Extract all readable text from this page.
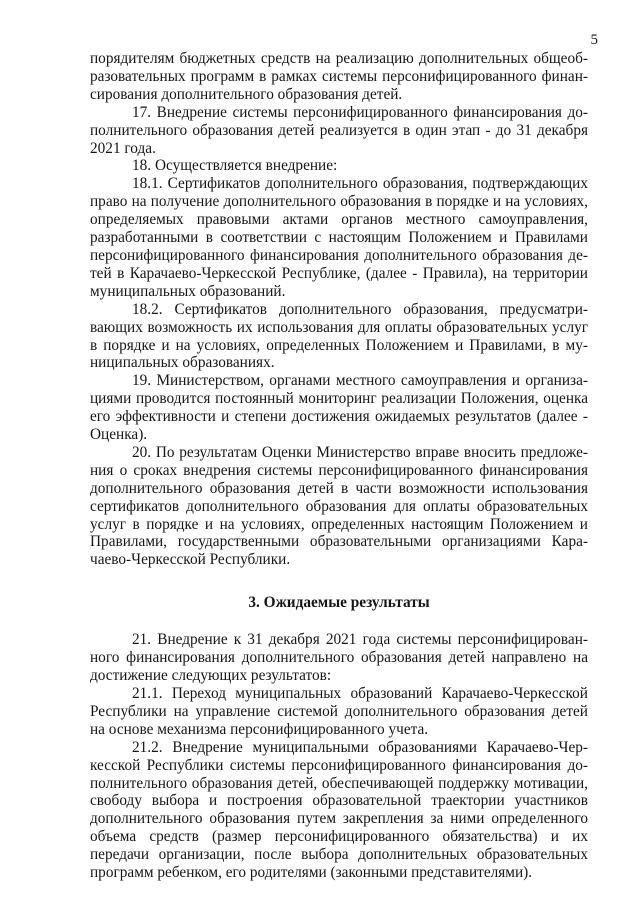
5

порядителям бюджетных средств на реализацию дополнительных общеобразовательных программ в рамках системы персонифицированного финансирования дополнительного образования детей.

17. Внедрение системы персонифицированного финансирования дополнительного образования детей реализуется в один этап - до 31 декабря 2021 года.

18. Осуществляется внедрение:

18.1. Сертификатов дополнительного образования, подтверждающих право на получение дополнительного образования в порядке и на условиях, определяемых правовыми актами органов местного самоуправления, разработанными в соответствии с настоящим Положением и Правилами персонифицированного финансирования дополнительного образования детей в Карачаево-Черкесской Республике, (далее - Правила), на территории муниципальных образований.

18.2. Сертификатов дополнительного образования, предусматривающих возможность их использования для оплаты образовательных услуг в порядке и на условиях, определенных Положением и Правилами, в муниципальных образованиях.

19. Министерством, органами местного самоуправления и организациями проводится постоянный мониторинг реализации Положения, оценка его эффективности и степени достижения ожидаемых результатов (далее - Оценка).

20. По результатам Оценки Министерство вправе вносить предложения о сроках внедрения системы персонифицированного финансирования дополнительного образования детей в части возможности использования сертификатов дополнительного образования для оплаты образовательных услуг в порядке и на условиях, определенных настоящим Положением и Правилами, государственными образовательными организациями Карачаево-Черкесской Республики.

3. Ожидаемые результаты

21. Внедрение к 31 декабря 2021 года системы персонифицированного финансирования дополнительного образования детей направлено на достижение следующих результатов:

21.1. Переход муниципальных образований Карачаево-Черкесской Республики на управление системой дополнительного образования детей на основе механизма персонифицированного учета.

21.2. Внедрение муниципальными образованиями Карачаево-Черкесской Республики системы персонифицированного финансирования дополнительного образования детей, обеспечивающей поддержку мотивации, свободу выбора и построения образовательной траектории участников дополнительного образования путем закрепления за ними определенного объема средств (размер персонифицированного обязательства) и их передачи организации, после выбора дополнительных образовательных программ ребенком, его родителями (законными представителями).
